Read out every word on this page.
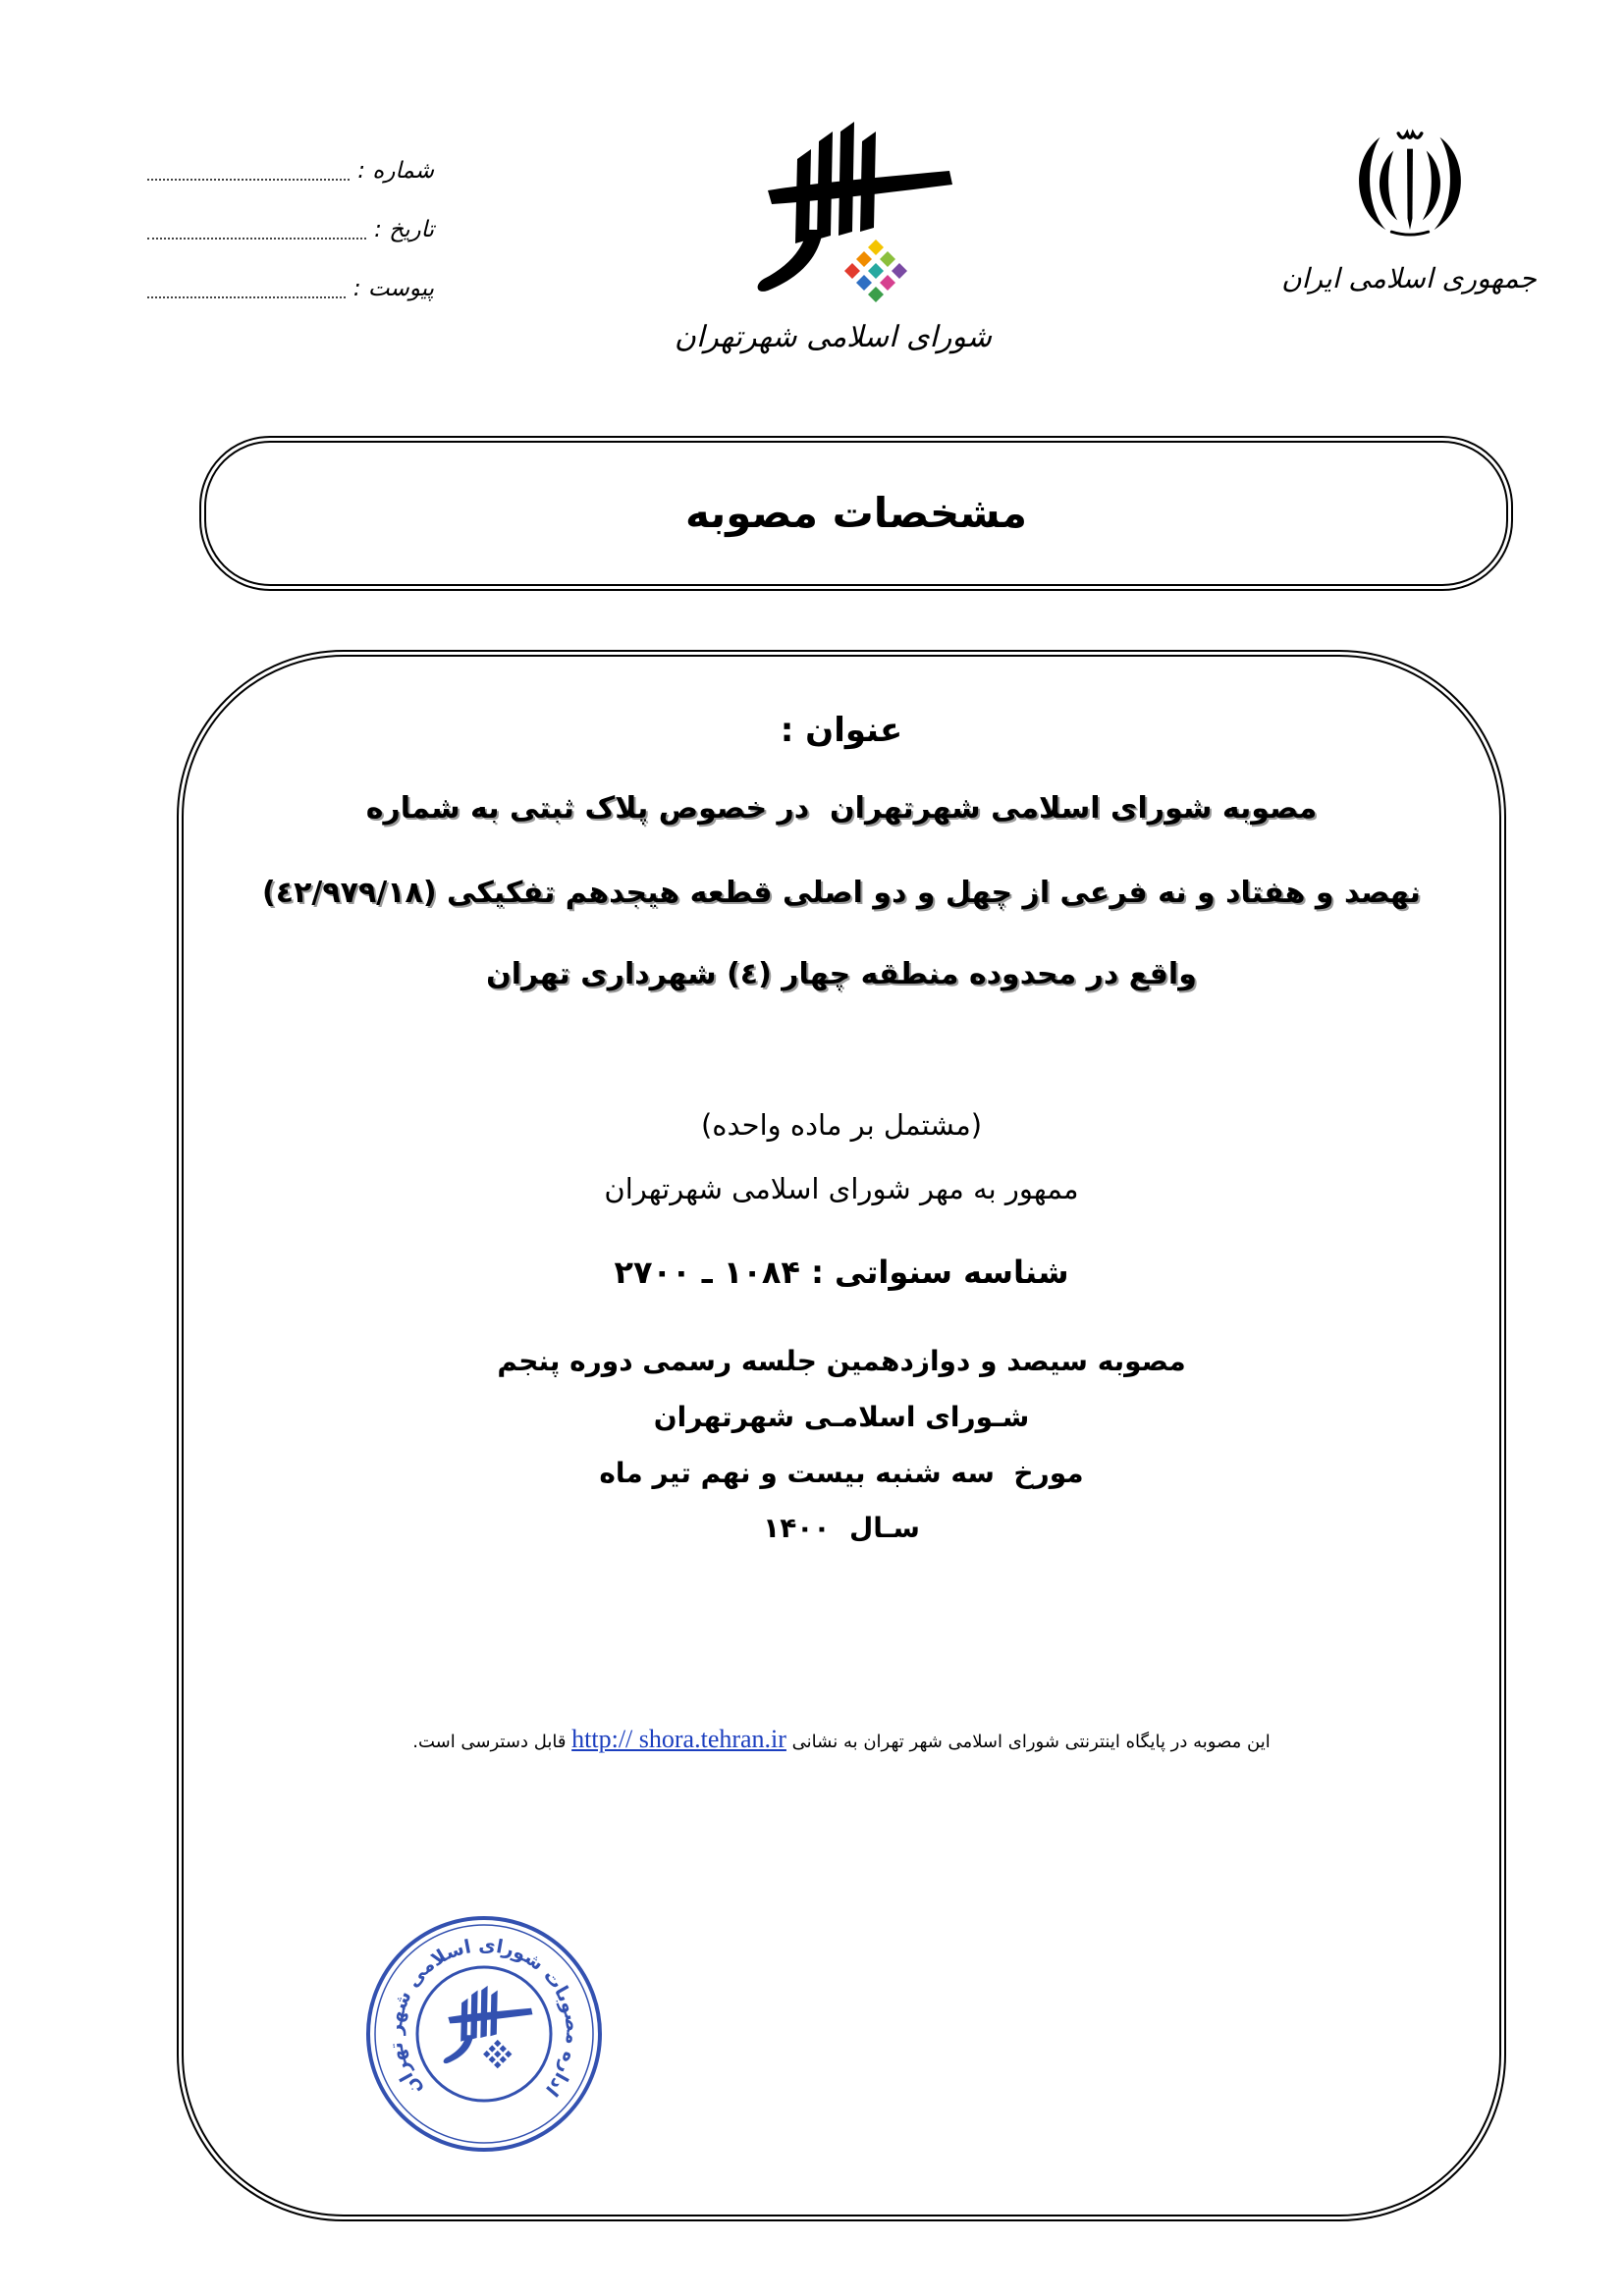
شماره :
تاریخ :
پیوست :
شورای اسلامی شهرتهران
جمهوری اسلامی ایران
مشخصات مصوبه
عنوان :
مصوبه شورای اسلامی شهرتهران  در خصوص پلاک ثبتی به شماره
نهصد و هفتاد و نه فرعی از چهل و دو اصلی قطعه هیجدهم تفکیکی (٤٢/٩٧٩/١٨)
واقع در محدوده منطقه چهار (٤) شهرداری تهران
(مشتمل بر ماده واحده)
ممهور به مهر شورای اسلامی شهرتهران
شناسه سنواتی : ۱۰۸۴ ـ ۲۷۰۰
مصوبه سیصد و دوازدهمین جلسه رسمی دوره پنجم
شـورای اسلامـی شهرتهران
مورخ  سه شنبه بیست و نهم تیر ماه
سـال  ۱۴۰۰
این مصوبه در پایگاه اینترنتی شورای اسلامی شهر تهران به نشانی http:// shora.tehran.ir قابل دسترسی است.
اداره مصوبات شورای اسلامی شهر تهران
